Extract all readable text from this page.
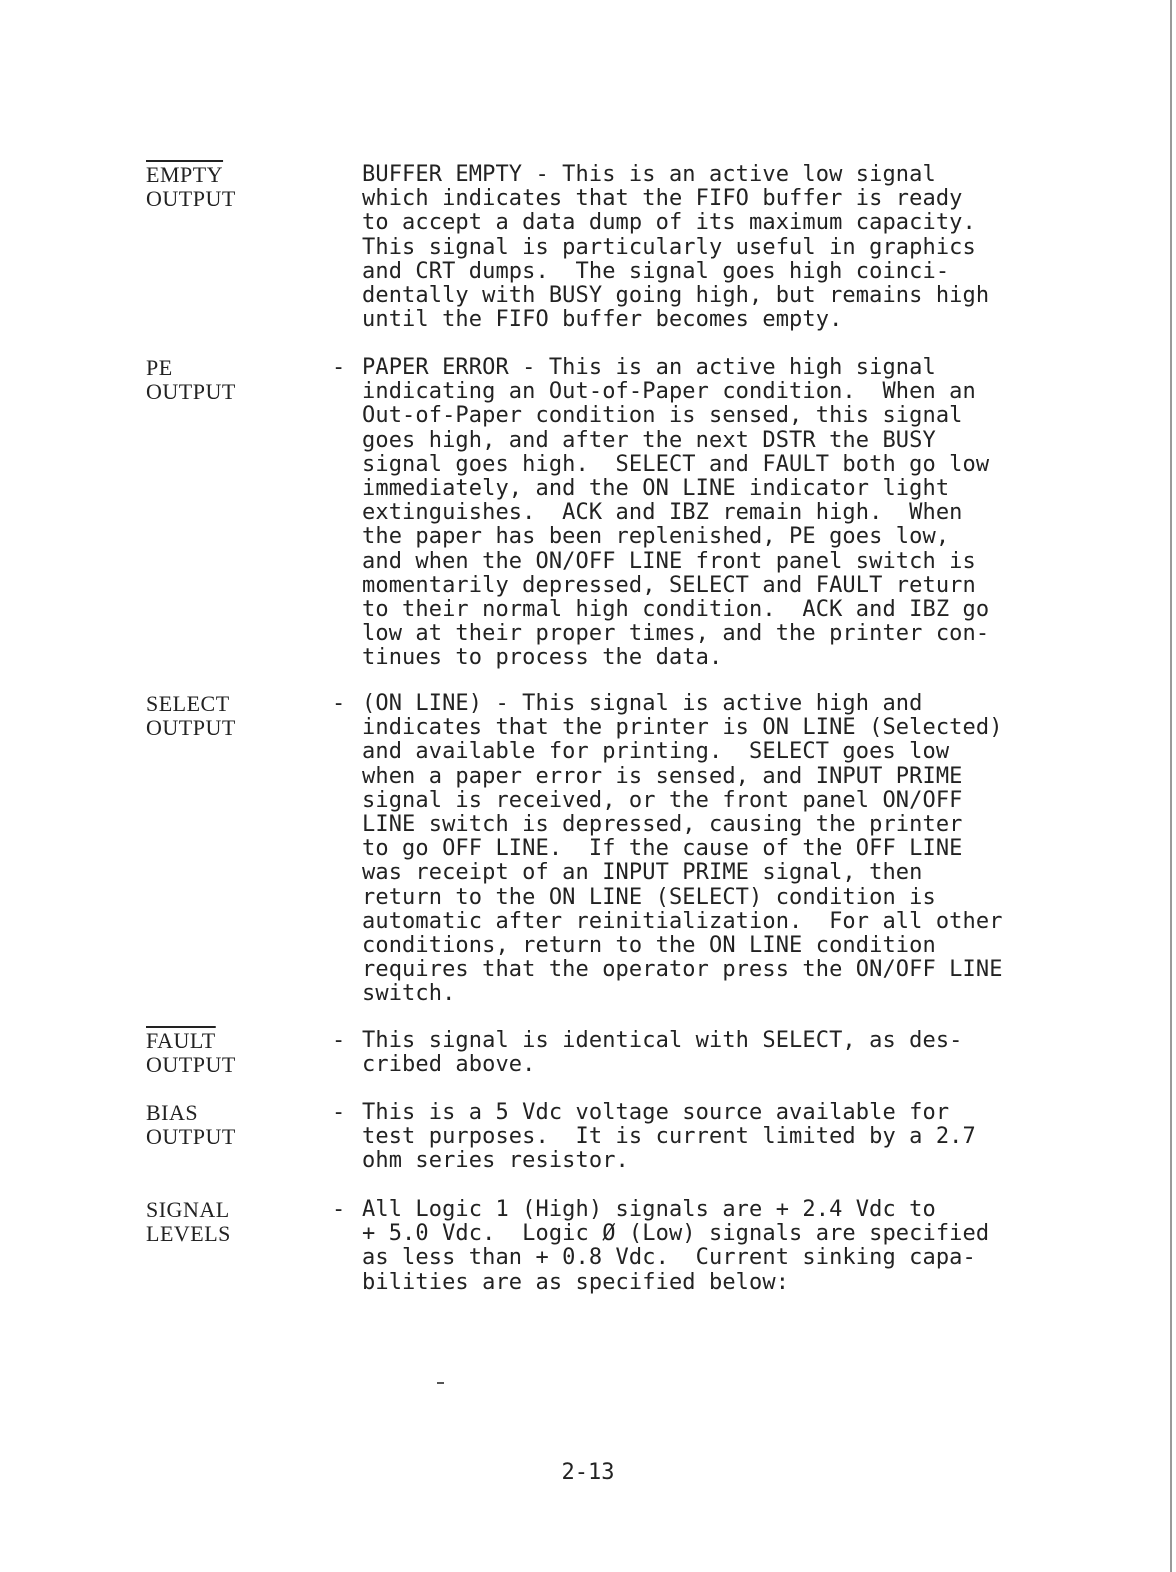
EMPTY
OUTPUT
BUFFER EMPTY - This is an active low signal
which indicates that the FIFO buffer is ready
to accept a data dump of its maximum capacity.
This signal is particularly useful in graphics
and CRT dumps.  The signal goes high coinci-
dentally with BUSY going high, but remains high
until the FIFO buffer becomes empty.
PE
OUTPUT
- PAPER ERROR - This is an active high signal
indicating an Out-of-Paper condition.  When an
Out-of-Paper condition is sensed, this signal
goes high, and after the next DSTR the BUSY
signal goes high.  SELECT and FAULT both go low
immediately, and the ON LINE indicator light
extinguishes.  ACK and IBZ remain high.  When
the paper has been replenished, PE goes low,
and when the ON/OFF LINE front panel switch is
momentarily depressed, SELECT and FAULT return
to their normal high condition.  ACK and IBZ go
low at their proper times, and the printer con-
tinues to process the data.
SELECT
OUTPUT
- (ON LINE) - This signal is active high and
indicates that the printer is ON LINE (Selected)
and available for printing.  SELECT goes low
when a paper error is sensed, and INPUT PRIME
signal is received, or the front panel ON/OFF
LINE switch is depressed, causing the printer
to go OFF LINE.  If the cause of the OFF LINE
was receipt of an INPUT PRIME signal, then
return to the ON LINE (SELECT) condition is
automatic after reinitialization.  For all other
conditions, return to the ON LINE condition
requires that the operator press the ON/OFF LINE
switch.
FAULT
OUTPUT
- This signal is identical with SELECT, as des-
cribed above.
BIAS
OUTPUT
- This is a 5 Vdc voltage source available for
test purposes.  It is current limited by a 2.7
ohm series resistor.
SIGNAL
LEVELS
- All Logic 1 (High) signals are + 2.4 Vdc to
+ 5.0 Vdc.  Logic Ø (Low) signals are specified
as less than + 0.8 Vdc.  Current sinking capa-
bilities are as specified below:
2-13
